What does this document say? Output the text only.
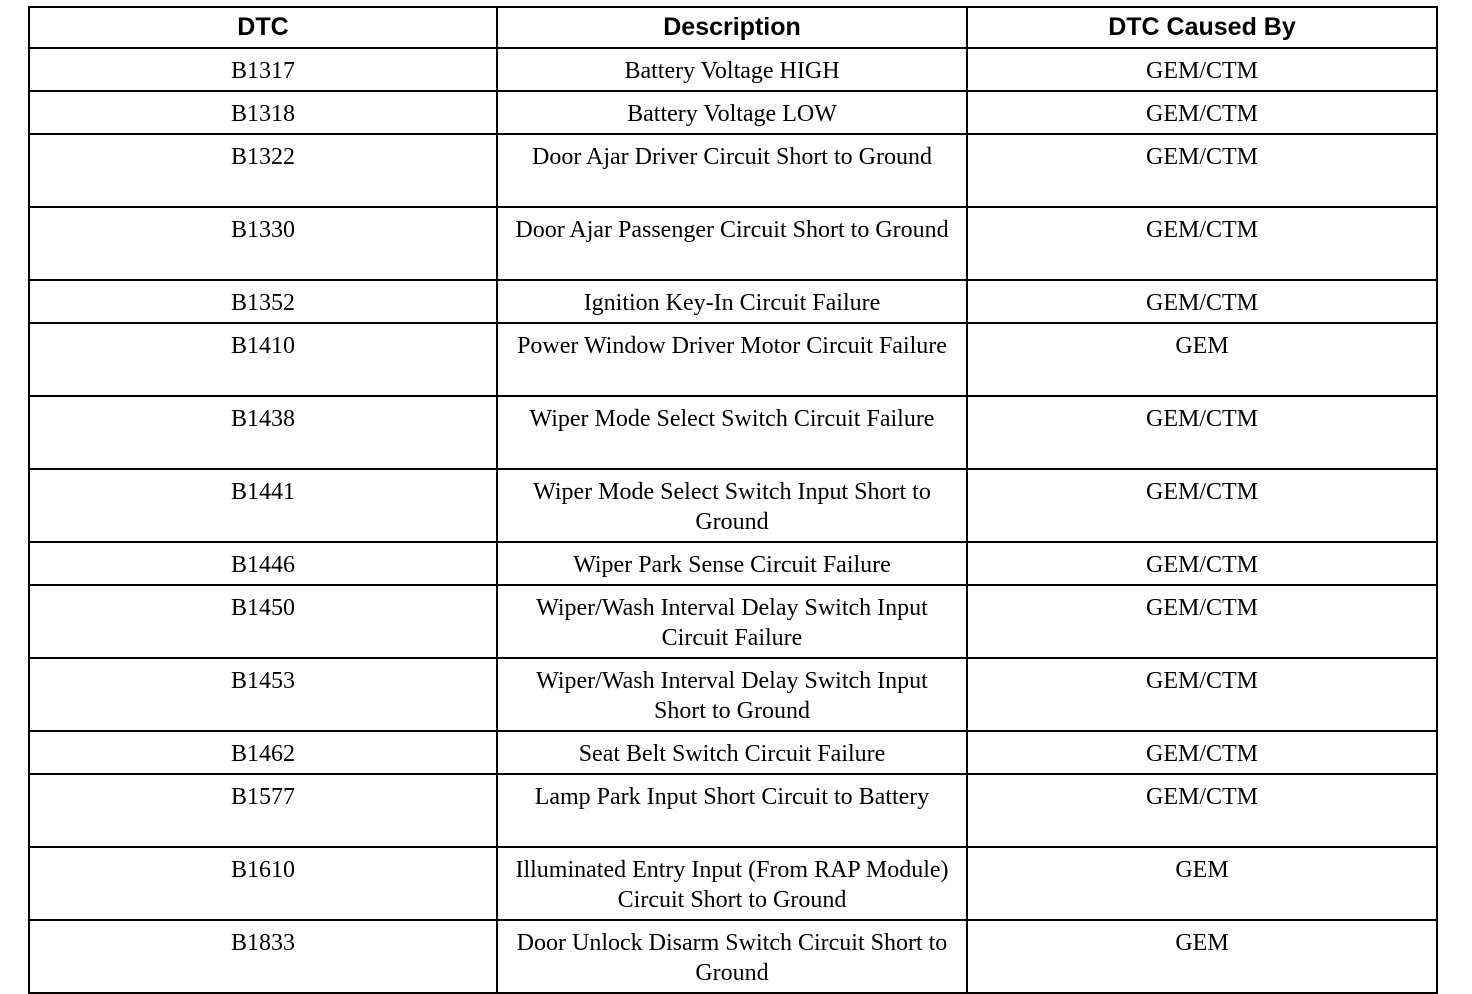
DTC	Description	DTC Caused By
B1317	Battery Voltage HIGH	GEM/CTM
B1318	Battery Voltage LOW	GEM/CTM
B1322	Door Ajar Driver Circuit Short to Ground	GEM/CTM
B1330	Door Ajar Passenger Circuit Short to Ground	GEM/CTM
B1352	Ignition Key-In Circuit Failure	GEM/CTM
B1410	Power Window Driver Motor Circuit Failure	GEM
B1438	Wiper Mode Select Switch Circuit Failure	GEM/CTM
B1441	Wiper Mode Select Switch Input Short to Ground	GEM/CTM
B1446	Wiper Park Sense Circuit Failure	GEM/CTM
B1450	Wiper/Wash Interval Delay Switch Input Circuit Failure	GEM/CTM
B1453	Wiper/Wash Interval Delay Switch Input Short to Ground	GEM/CTM
B1462	Seat Belt Switch Circuit Failure	GEM/CTM
B1577	Lamp Park Input Short Circuit to Battery	GEM/CTM
B1610	Illuminated Entry Input (From RAP Module) Circuit Short to Ground	GEM
B1833	Door Unlock Disarm Switch Circuit Short to Ground	GEM
